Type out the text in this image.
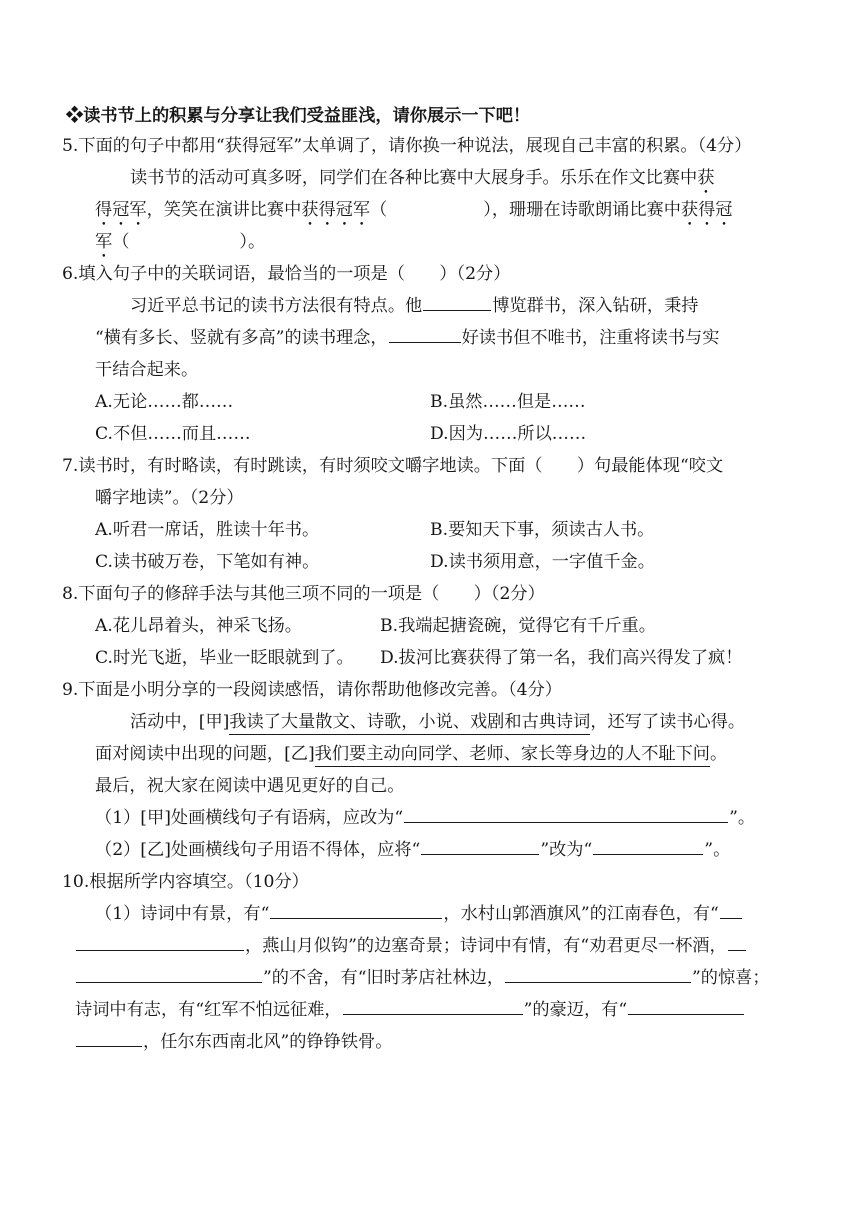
❖读书节上的积累与分享让我们受益匪浅，请你展示一下吧！
5.下面的句子中都用“获得冠军”太单调了，请你换一种说法，展现自己丰富的积累。（4分）
读书节的活动可真多呀，同学们在各种比赛中大展身手。乐乐在作文比赛中获
得冠军，笑笑在演讲比赛中获得冠军（	），珊珊在诗歌朗诵比赛中获得冠
军（	）。
6.填入句子中的关联词语，最恰当的一项是（　　）（2分）
习近平总书记的读书方法很有特点。他	博览群书，深入钻研，秉持
“横有多长、竖就有多高”的读书理念，	好读书但不唯书，注重将读书与实
干结合起来。
A.无论……都……	B.虽然……但是……
C.不但……而且……	D.因为……所以……
7.读书时，有时略读，有时跳读，有时须咬文嚼字地读。下面（　　）句最能体现“咬文
嚼字地读”。（2分）
A.听君一席话，胜读十年书。	B.要知天下事，须读古人书。
C.读书破万卷，下笔如有神。	D.读书须用意，一字值千金。
8.下面句子的修辞手法与其他三项不同的一项是（　　）（2分）
A.花儿昂着头，神采飞扬。	B.我端起搪瓷碗，觉得它有千斤重。
C.时光飞逝，毕业一眨眼就到了。 D.拔河比赛获得了第一名，我们高兴得发了疯！
9.下面是小明分享的一段阅读感悟，请你帮助他修改完善。（4分）
活动中，[甲]我读了大量散文、诗歌，小说、戏剧和古典诗词，还写了读书心得。
面对阅读中出现的问题，[乙]我们要主动向同学、老师、家长等身边的人不耻下问。
最后，祝大家在阅读中遇见更好的自己。
（1）[甲]处画横线句子有语病，应改为“	”。
（2）[乙]处画横线句子用语不得体，应将“	”改为“	”。
10.根据所学内容填空。（10分）
（1）诗词中有景，有“	，水村山郭酒旗风”的江南春色，有“
，燕山月似钩”的边塞奇景；诗词中有情，有“劝君更尽一杯酒，
”的不舍，有“旧时茅店社林边，	”的惊喜；
诗词中有志，有“红军不怕远征难，	”的豪迈，有“
，任尔东西南北风”的铮铮铁骨。
